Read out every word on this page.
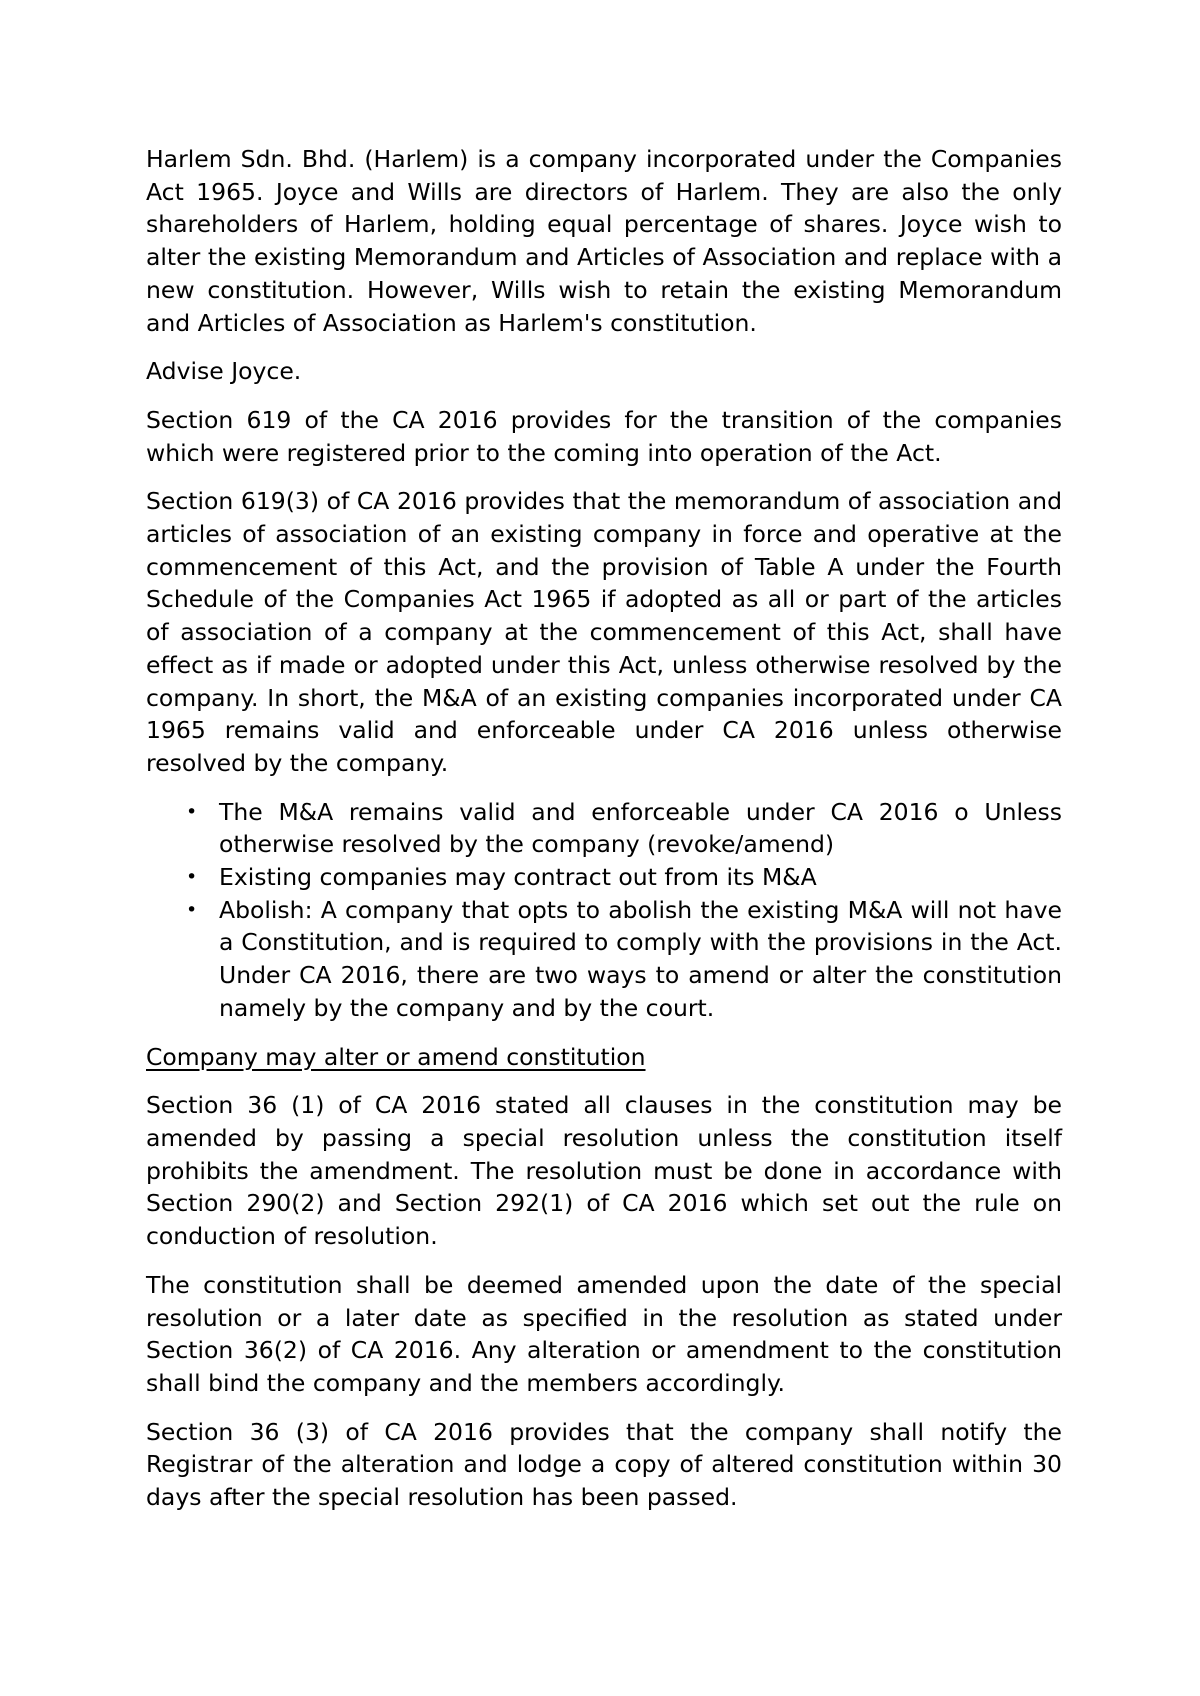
Harlem Sdn. Bhd. (Harlem) is a company incorporated under the Companies Act 1965. Joyce and Wills are directors of Harlem. They are also the only shareholders of Harlem, holding equal percentage of shares. Joyce wish to alter the existing Memorandum and Articles of Association and replace with a new constitution. However, Wills wish to retain the existing Memorandum and Articles of Association as Harlem's constitution.

Advise Joyce.

Section 619 of the CA 2016 provides for the transition of the companies which were registered prior to the coming into operation of the Act.

Section 619(3) of CA 2016 provides that the memorandum of association and articles of association of an existing company in force and operative at the commencement of this Act, and the provision of Table A under the Fourth Schedule of the Companies Act 1965 if adopted as all or part of the articles of association of a company at the commencement of this Act, shall have effect as if made or adopted under this Act, unless otherwise resolved by the company. In short, the M&A of an existing companies incorporated under CA 1965 remains valid and enforceable under CA 2016 unless otherwise resolved by the company.

• The M&A remains valid and enforceable under CA 2016 o Unless otherwise resolved by the company (revoke/amend)
• Existing companies may contract out from its M&A
• Abolish: A company that opts to abolish the existing M&A will not have a Constitution, and is required to comply with the provisions in the Act. Under CA 2016, there are two ways to amend or alter the constitution namely by the company and by the court.

Company may alter or amend constitution

Section 36 (1) of CA 2016 stated all clauses in the constitution may be amended by passing a special resolution unless the constitution itself prohibits the amendment. The resolution must be done in accordance with Section 290(2) and Section 292(1) of CA 2016 which set out the rule on conduction of resolution.

The constitution shall be deemed amended upon the date of the special resolution or a later date as specified in the resolution as stated under Section 36(2) of CA 2016. Any alteration or amendment to the constitution shall bind the company and the members accordingly.

Section 36 (3) of CA 2016 provides that the company shall notify the Registrar of the alteration and lodge a copy of altered constitution within 30 days after the special resolution has been passed.
